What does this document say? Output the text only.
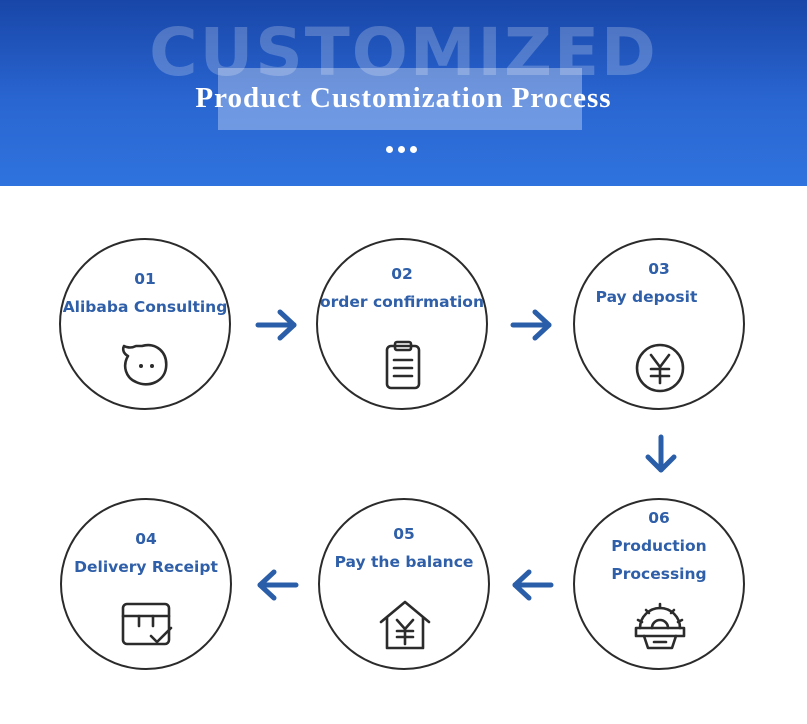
CUSTOMIZED
Product Customization Process
01
Alibaba Consulting
02
order confirmation
03
Pay deposit
06
Production
Processing
05
Pay the balance
04
Delivery Receipt
